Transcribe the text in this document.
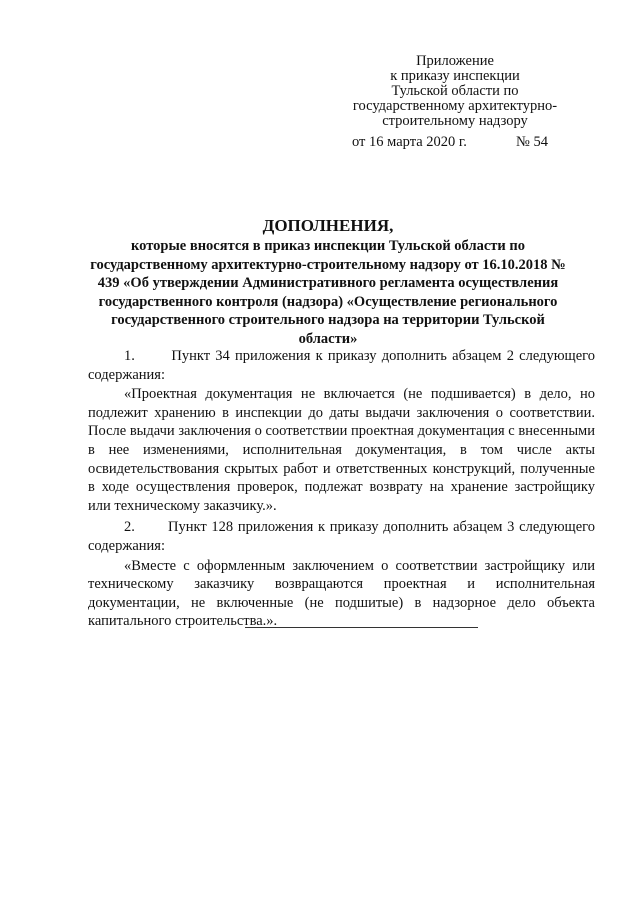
Приложение
к приказу инспекции
Тульской области по
государственному архитектурно-
строительному надзору
от 16 марта 2020 г.	№ 54
ДОПОЛНЕНИЯ,
которые вносятся в приказ инспекции Тульской области по государственному архитектурно-строительному надзору от 16.10.2018 № 439 «Об утверждении Административного регламента осуществления государственного контроля (надзора) «Осуществление регионального государственного строительного надзора на территории Тульской области»

1.       Пункт 34 приложения к приказу дополнить абзацем 2 следующего содержания:

«Проектная документация не включается (не подшивается) в дело, но подлежит хранению в инспекции до даты выдачи заключения о соответствии. После выдачи заключения о соответствии проектная документация с внесенными в нее изменениями, исполнительная документация, в том числе акты освидетельствования скрытых работ и ответственных конструкций, полученные в ходе осуществления проверок, подлежат возврату на хранение застройщику или техническому заказчику.».

2.       Пункт 128 приложения к приказу дополнить абзацем 3 следующего содержания:

«Вместе с оформленным заключением о соответствии застройщику или техническому заказчику возвращаются проектная и исполнительная документации, не включенные (не подшитые) в надзорное дело объекта капитального строительства.».
